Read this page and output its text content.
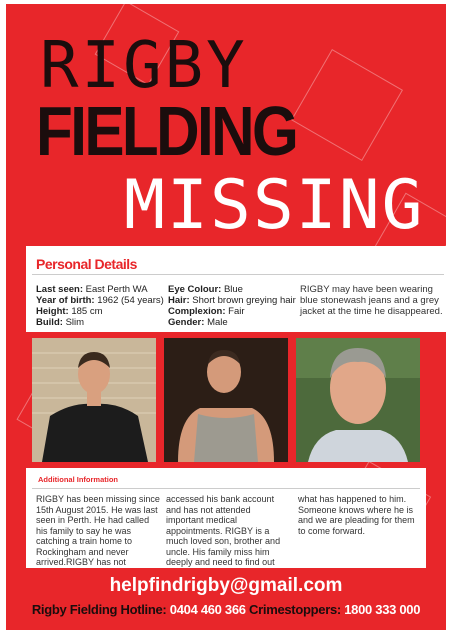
RIGBY
FIELDING
MISSING
Personal Details
Last seen: East Perth WA
Year of birth: 1962 (54 years)
Height: 185 cm
Build: Slim
Eye Colour: Blue
Hair: Short brown greying hair
Complexion: Fair
Gender: Male
RIGBY may have been wearing blue stonewash jeans and a grey jacket at the time he disappeared.
Additional Information
RIGBY has been missing since 15th August 2015. He was last seen in Perth. He had called his family to say he was catching a train home to Rockingham and never arrived.RIGBY has not
accessed his bank account and has not attended important medical appointments. RIGBY is a much loved son, brother and uncle. His family miss him deeply and need to find out
what has happened to him. Someone knows where he is and we are pleading for them to come forward.
helpfindrigby@gmail.com
Rigby Fielding Hotline: 0404 460 366 Crimestoppers: 1800 333 000
